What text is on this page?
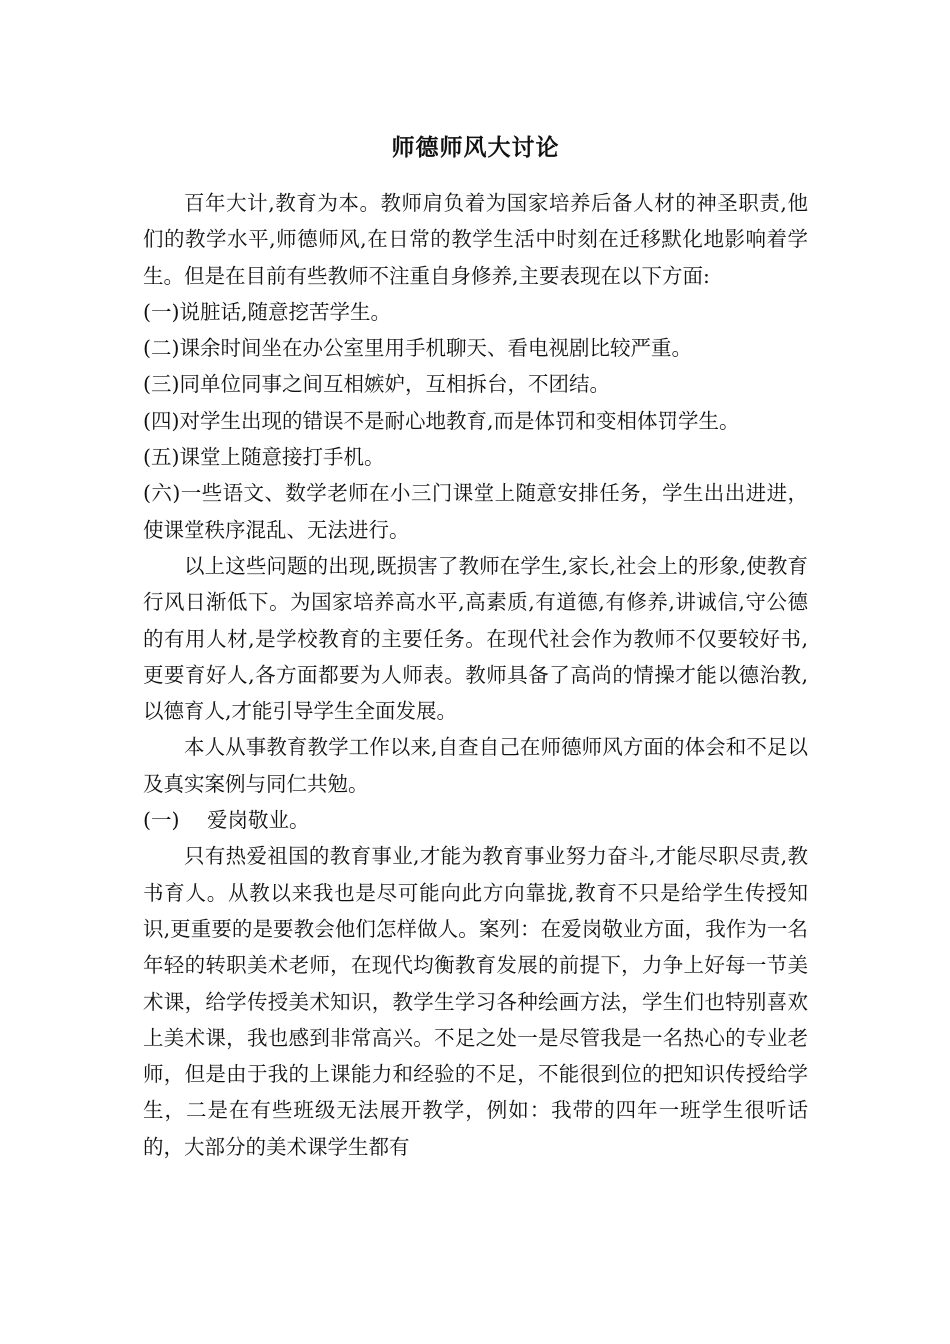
师德师风大讨论

百年大计,教育为本。教师肩负着为国家培养后备人材的神圣职责,他们的教学水平,师德师风,在日常的教学生活中时刻在迁移默化地影响着学生。但是在目前有些教师不注重自身修养,主要表现在以下方面:

(一)说脏话,随意挖苦学生。

(二)课余时间坐在办公室里用手机聊天、看电视剧比较严重。

(三)同单位同事之间互相嫉妒，互相拆台，不团结。

(四)对学生出现的错误不是耐心地教育,而是体罚和变相体罚学生。

(五)课堂上随意接打手机。

(六)一些语文、数学老师在小三门课堂上随意安排任务，学生出出进进，使课堂秩序混乱、无法进行。

以上这些问题的出现,既损害了教师在学生,家长,社会上的形象,使教育行风日渐低下。为国家培养高水平,高素质,有道德,有修养,讲诚信,守公德的有用人材,是学校教育的主要任务。在现代社会作为教师不仅要较好书,更要育好人,各方面都要为人师表。教师具备了高尚的情操才能以德治教,以德育人,才能引导学生全面发展。

本人从事教育教学工作以来,自查自己在师德师风方面的体会和不足以及真实案例与同仁共勉。

(一) 爱岗敬业。

只有热爱祖国的教育事业,才能为教育事业努力奋斗,才能尽职尽责,教书育人。从教以来我也是尽可能向此方向靠拢,教育不只是给学生传授知识,更重要的是要教会他们怎样做人。案列：在爱岗敬业方面，我作为一名年轻的转职美术老师，在现代均衡教育发展的前提下，力争上好每一节美术课，给学传授美术知识，教学生学习各种绘画方法，学生们也特别喜欢上美术课，我也感到非常高兴。不足之处一是尽管我是一名热心的专业老师，但是由于我的上课能力和经验的不足，不能很到位的把知识传授给学生，二是在有些班级无法展开教学，例如：我带的四年一班学生很听话的，大部分的美术课学生都有
